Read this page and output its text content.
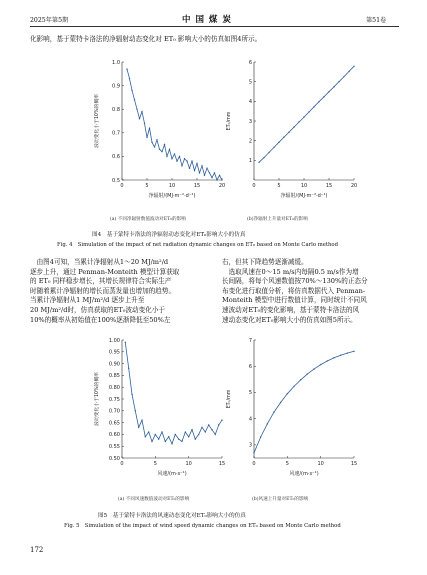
2025年第5期	中 国 煤 炭	第51卷
化影响，基于蒙特卡洛法的净辐射动态变化对 ET₀ 影响大小的仿真如图4所示。
0	5	10	15	20
0.5
0.6
0.7
0.8
0.9
1.0
净辐射/(MJ·m⁻²·d⁻¹)
波动变化小于10%的概率
0	5	10	15	20
1
2
3
4
5
6
净辐射/(MJ·m⁻²·d⁻¹)
ET₀/mm
(a) 不同净辐射数值波动对ET₀的影响	(b)净辐射上升量对ET₀的影响
图4　基于蒙特卡洛法的净辐射动态变化对ET₀影响大小的仿真
Fig. 4　Simulation of the impact of net radiation dynamic changes on ET₀ based on Monte Carlo method
　由图4可知，当累计净辐射从1～20 MJ/m²/d
逐步上升，通过 Penman-Monteith 模型计算获取
的 ET₀ 同样稳步增长，其增长规律符合实际生产
时随着累计净辐射的增长而蒸发量也增加的趋势。
当累计净辐射从1 MJ/m²/d 逐步上升至
20 MJ/m²/d时，仿真获取的ET₀波动变化小于
10%的概率从初始值在100%逐渐降低至50%左
右，但其下降趋势逐渐减缓。
　选取风速在0～15 m/s内每隔0.5 m/s作为增
长间隔，将每个风速数值按70%～130%的正态分
布变化进行取值分析，将仿真数据代入 Penman-
Monteith 模型中进行数值计算，同时统计不同风
速波动对ET₀的变化影响，基于蒙特卡洛法的风
速动态变化对ET₀影响大小的仿真如图5所示。
0	5	10	15
0.50
0.55
0.60
0.65
0.70
0.75
0.80
0.85
0.90
0.95
1.00
风速/(m·s⁻¹)
波动变化小于10%的概率
0	5	10	15
3
4
5
6
7
风速/(m·s⁻¹)
ET₀/mm
(a) 不同风速数值波动对ET₀的影响	(b)风速上升量对ET₀的影响
图5　基于蒙特卡洛法的风速动态变化对ET₀影响大小的仿真
Fig. 5　Simulation of the impact of wind speed dynamic changes on ET₀ based on Monte Carlo method
172
